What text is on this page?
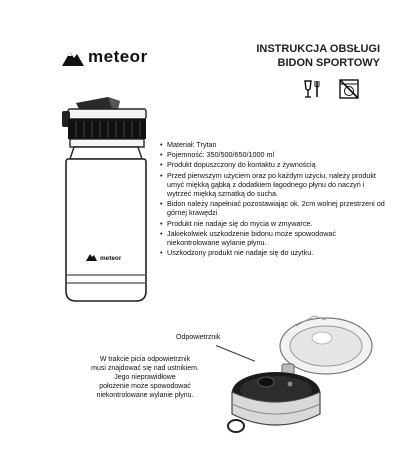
meteor	INSTRUKCJA OBSŁUGI
BIDON SPORTOWY
meteor
• Materiał: Trytan
• Pojemność: 350/500/650/1000 ml
• Produkt dopuszczony do kontaktu z żywnością
• Przed pierwszym użyciem oraz po każdym użyciu, należy produkt umyć miękką gąbką z dodatkiem łagodnego płynu do naczyń i wytrzeć miękką szmatką do sucha.
• Bidon należy napełniać pozostawiając ok. 2cm wolnej przestrzeni od górnej krawędzi
• Produkt nie nadaje się do mycia w zmywarce.
• Jakiekolwiek uszkodzenie bidonu może spowodować niekontrolowane wylanie płynu.
• Uszkodzony produkt nie nadaje się do użytku.
Odpowietrznik
W trakcie picia odpowietrznik
musi znajdować się nad ustnikiem.
Jego nieprawidłowe
położenie może spowodować
niekontrolowane wylanie płynu.
